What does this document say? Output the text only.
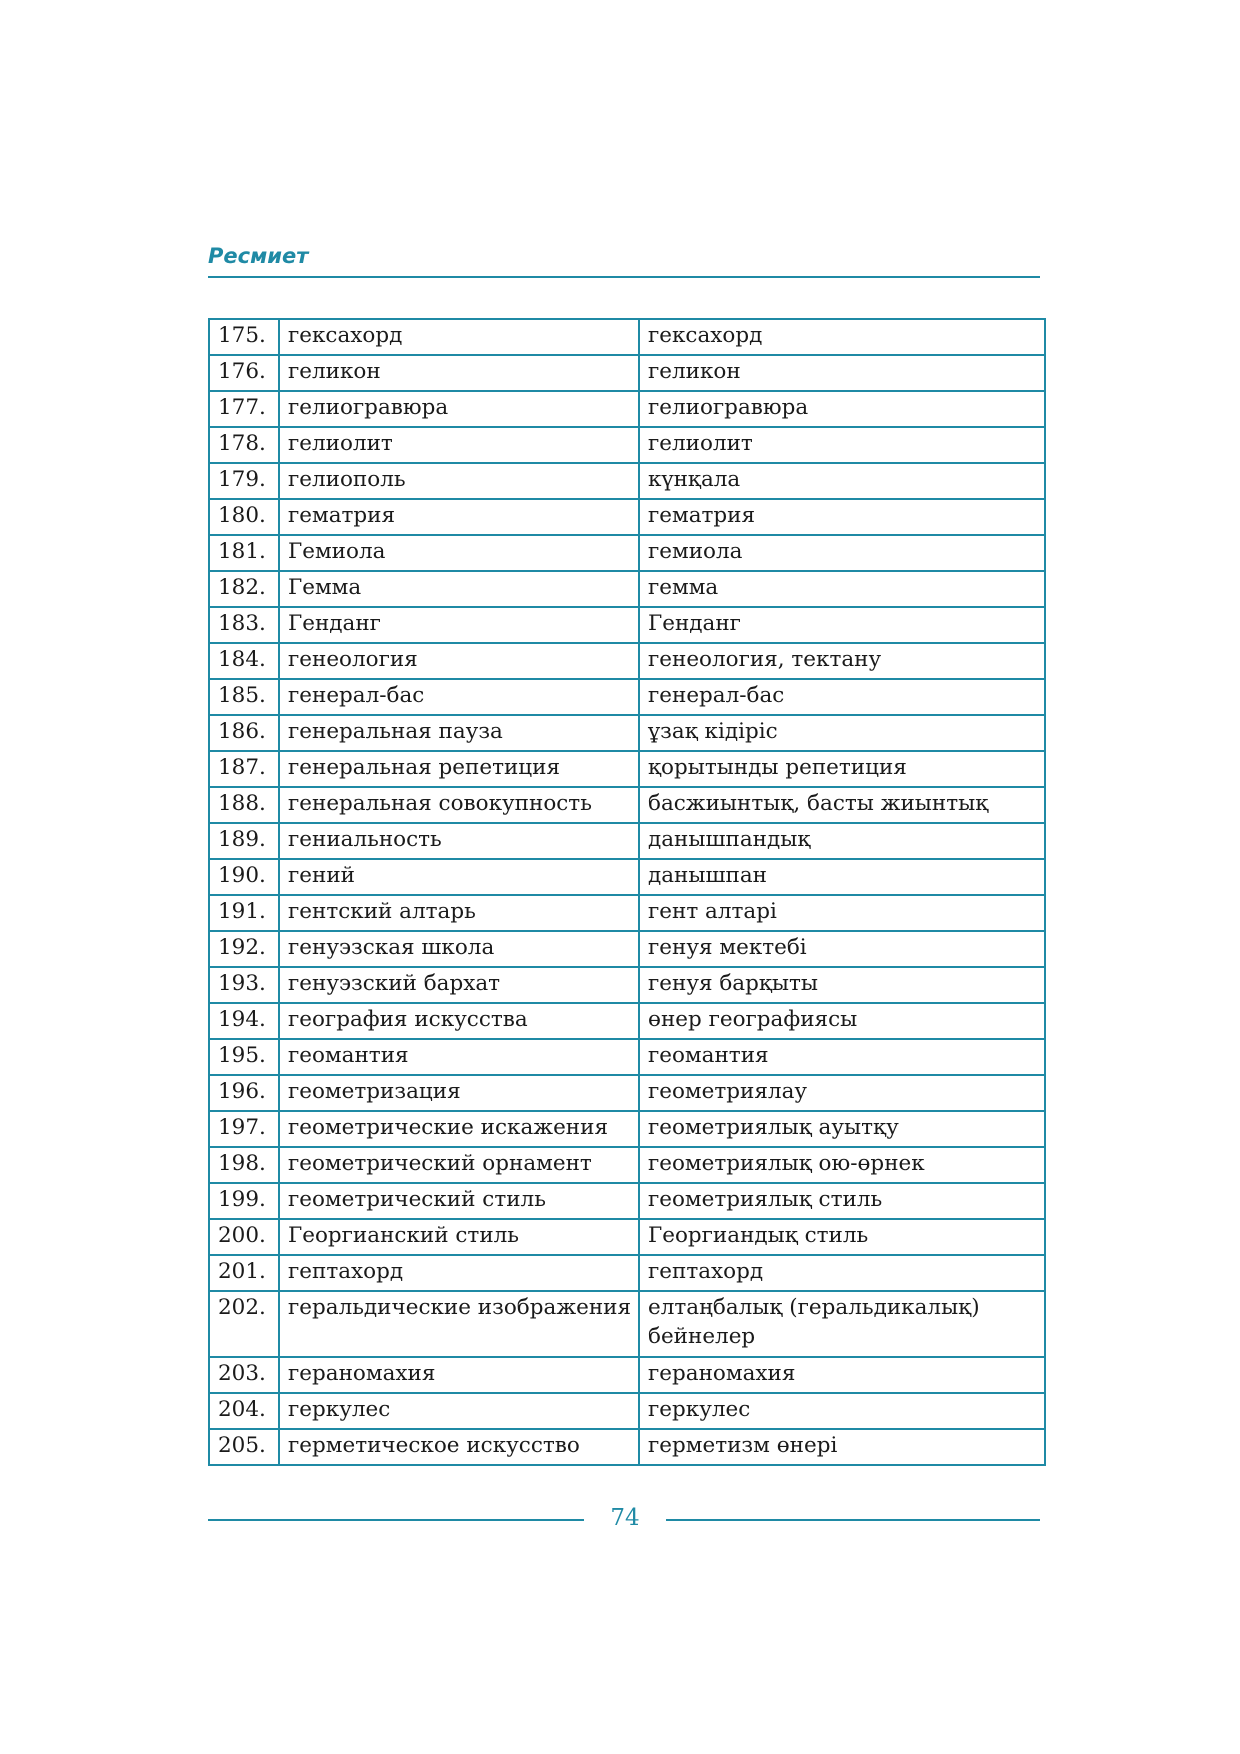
Ресмиет
175.	гексахорд	гексахорд
176.	геликон	геликон
177.	гелиогравюра	гелиогравюра
178.	гелиолит	гелиолит
179.	гелиополь	күнқала
180.	гематрия	гематрия
181.	Гемиола	гемиола
182.	Гемма	гемма
183.	Генданг	Генданг
184.	генеология	генеология, тектану
185.	генерал-бас	генерал-бас
186.	генеральная пауза	ұзақ кідіріс
187.	генеральная репетиция	қорытынды репетиция
188.	генеральная совокупность	басжиынтық, басты жиынтық
189.	гениальность	данышпандық
190.	гений	данышпан
191.	гентский алтарь	гент алтарі
192.	генуэзская школа	генуя мектебі
193.	генуэзский бархат	генуя барқыты
194.	география искусства	өнер географиясы
195.	геомантия	геомантия
196.	геометризация	геометриялау
197.	геометрические искажения	геометриялық ауытқу
198.	геометрический орнамент	геометриялық ою-өрнек
199.	геометрический стиль	геометриялық стиль
200.	Георгианский стиль	Георгиандық стиль
201.	гептахорд	гептахорд
202.	геральдические изображения	елтаңбалық (геральдикалық) бейнелер
203.	гераномахия	гераномахия
204.	геркулес	геркулес
205.	герметическое искусство	герметизм өнері
74
